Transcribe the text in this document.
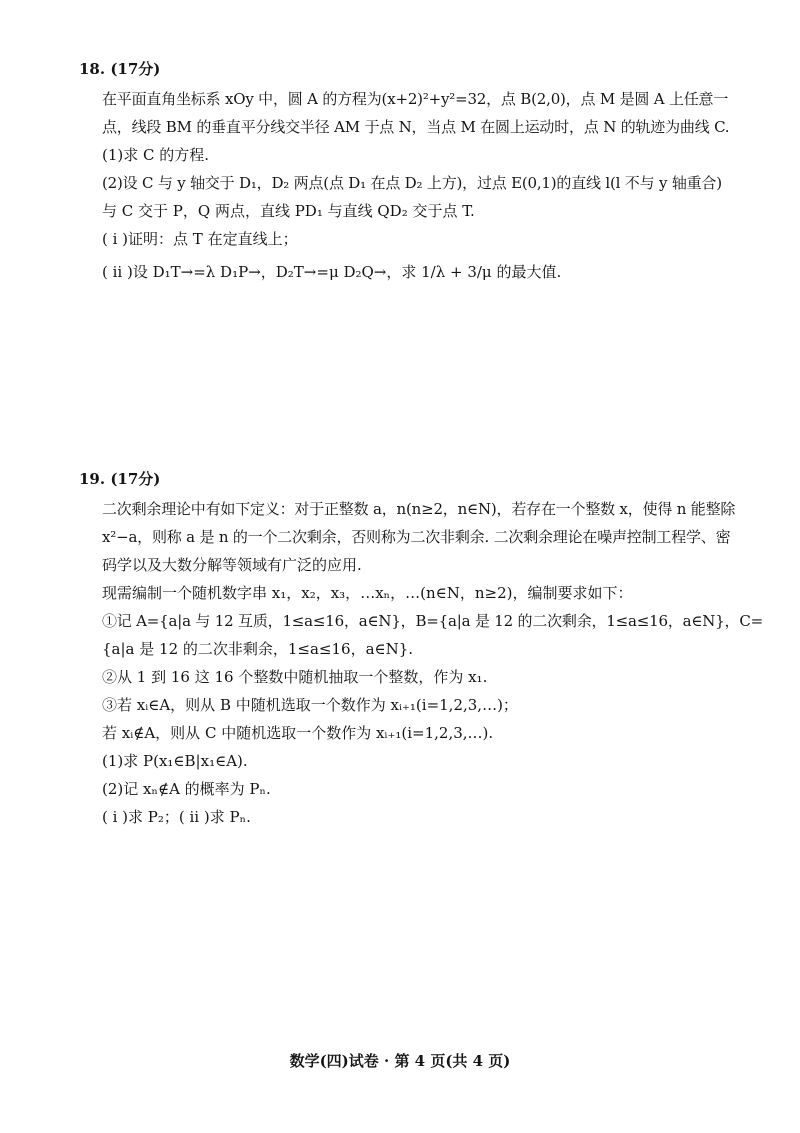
18. (17分)
在平面直角坐标系 xOy 中，圆 A 的方程为(x+2)²+y²=32，点 B(2,0)，点 M 是圆 A 上任意一
点，线段 BM 的垂直平分线交半径 AM 于点 N，当点 M 在圆上运动时，点 N 的轨迹为曲线 C.
(1)求 C 的方程.
(2)设 C 与 y 轴交于 D₁，D₂ 两点(点 D₁ 在点 D₂ 上方)，过点 E(0,1)的直线 l(l 不与 y 轴重合)
与 C 交于 P，Q 两点，直线 PD₁ 与直线 QD₂ 交于点 T.
( ⅰ )证明：点 T 在定直线上；
( ⅱ )设 D₁T→=λ D₁P→，D₂T→=μ D₂Q→，求 1/λ + 3/μ 的最大值.
19. (17分)
二次剩余理论中有如下定义：对于正整数 a，n(n≥2，n∈N)，若存在一个整数 x，使得 n 能整除
x²−a，则称 a 是 n 的一个二次剩余，否则称为二次非剩余. 二次剩余理论在噪声控制工程学、密
码学以及大数分解等领域有广泛的应用.
现需编制一个随机数字串 x₁，x₂，x₃，…xₙ，…(n∈N，n≥2)，编制要求如下：
①记 A={a|a 与 12 互质，1≤a≤16，a∈N}，B={a|a 是 12 的二次剩余，1≤a≤16，a∈N}，C=
{a|a 是 12 的二次非剩余，1≤a≤16，a∈N}.
②从 1 到 16 这 16 个整数中随机抽取一个整数，作为 x₁.
③若 xᵢ∈A，则从 B 中随机选取一个数作为 xᵢ₊₁(i=1,2,3,…)；
若 xᵢ∉A，则从 C 中随机选取一个数作为 xᵢ₊₁(i=1,2,3,…).
(1)求 P(x₁∈B|x₁∈A).
(2)记 xₙ∉A 的概率为 Pₙ.
( ⅰ )求 P₂；( ⅱ )求 Pₙ.
数学(四)试卷 · 第 4 页(共 4 页)
